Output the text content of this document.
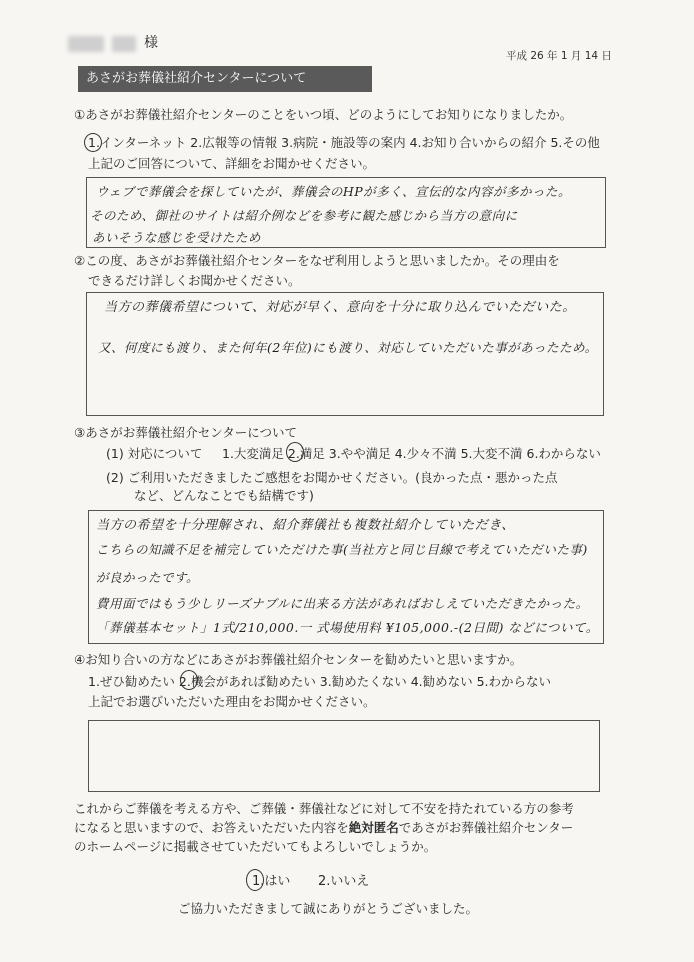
様
平成 26 年 1 月 14 日
あさがお葬儀社紹介センターについて
①あさがお葬儀社紹介センターのことをいつ頃、どのようにしてお知りになりましたか。
1.インターネット 2.広報等の情報 3.病院・施設等の案内 4.お知り合いからの紹介 5.その他
上記のご回答について、詳細をお聞かせください。
ウェブで葬儀会を探していたが、葬儀会のHPが多く、宣伝的な内容が多かった。
そのため、御社のサイトは紹介例などを参考に観た感じから当方の意向に
あいそうな感じを受けたため
②この度、あさがお葬儀社紹介センターをなぜ利用しようと思いましたか。その理由を
できるだけ詳しくお聞かせください。
当方の葬儀希望について、対応が早く、意向を十分に取り込んでいただいた。
又、何度にも渡り、また何年(2年位)にも渡り、対応していただいた事があったため。
③あさがお葬儀社紹介センターについて
(1) 対応について 1.大変満足 2.満足 3.やや満足 4.少々不満 5.大変不満 6.わからない
(2) ご利用いただきましたご感想をお聞かせください。(良かった点・悪かった点
など、どんなことでも結構です)
当方の希望を十分理解され、紹介葬儀社も複数社紹介していただき、
こちらの知識不足を補完していただけた事(当社方と同じ目線で考えていただいた事)
が良かったです。
費用面ではもう少しリーズナブルに出来る方法があればおしえていただきたかった。
「葬儀基本セット」1式/210,000.一 式場使用料 ¥105,000.-(2日間) などについて。
④お知り合いの方などにあさがお葬儀社紹介センターを勧めたいと思いますか。
1.ぜひ勧めたい 2.機会があれば勧めたい 3.勧めたくない 4.勧めない 5.わからない
上記でお選びいただいた理由をお聞かせください。
これからご葬儀を考える方や、ご葬儀・葬儀社などに対して不安を持たれている方の参考
になると思いますので、お答えいただいた内容を絶対匿名であさがお葬儀社紹介センター
のホームページに掲載させていただいてもよろしいでしょうか。
1.はい 2.いいえ
ご協力いただきまして誠にありがとうございました。
